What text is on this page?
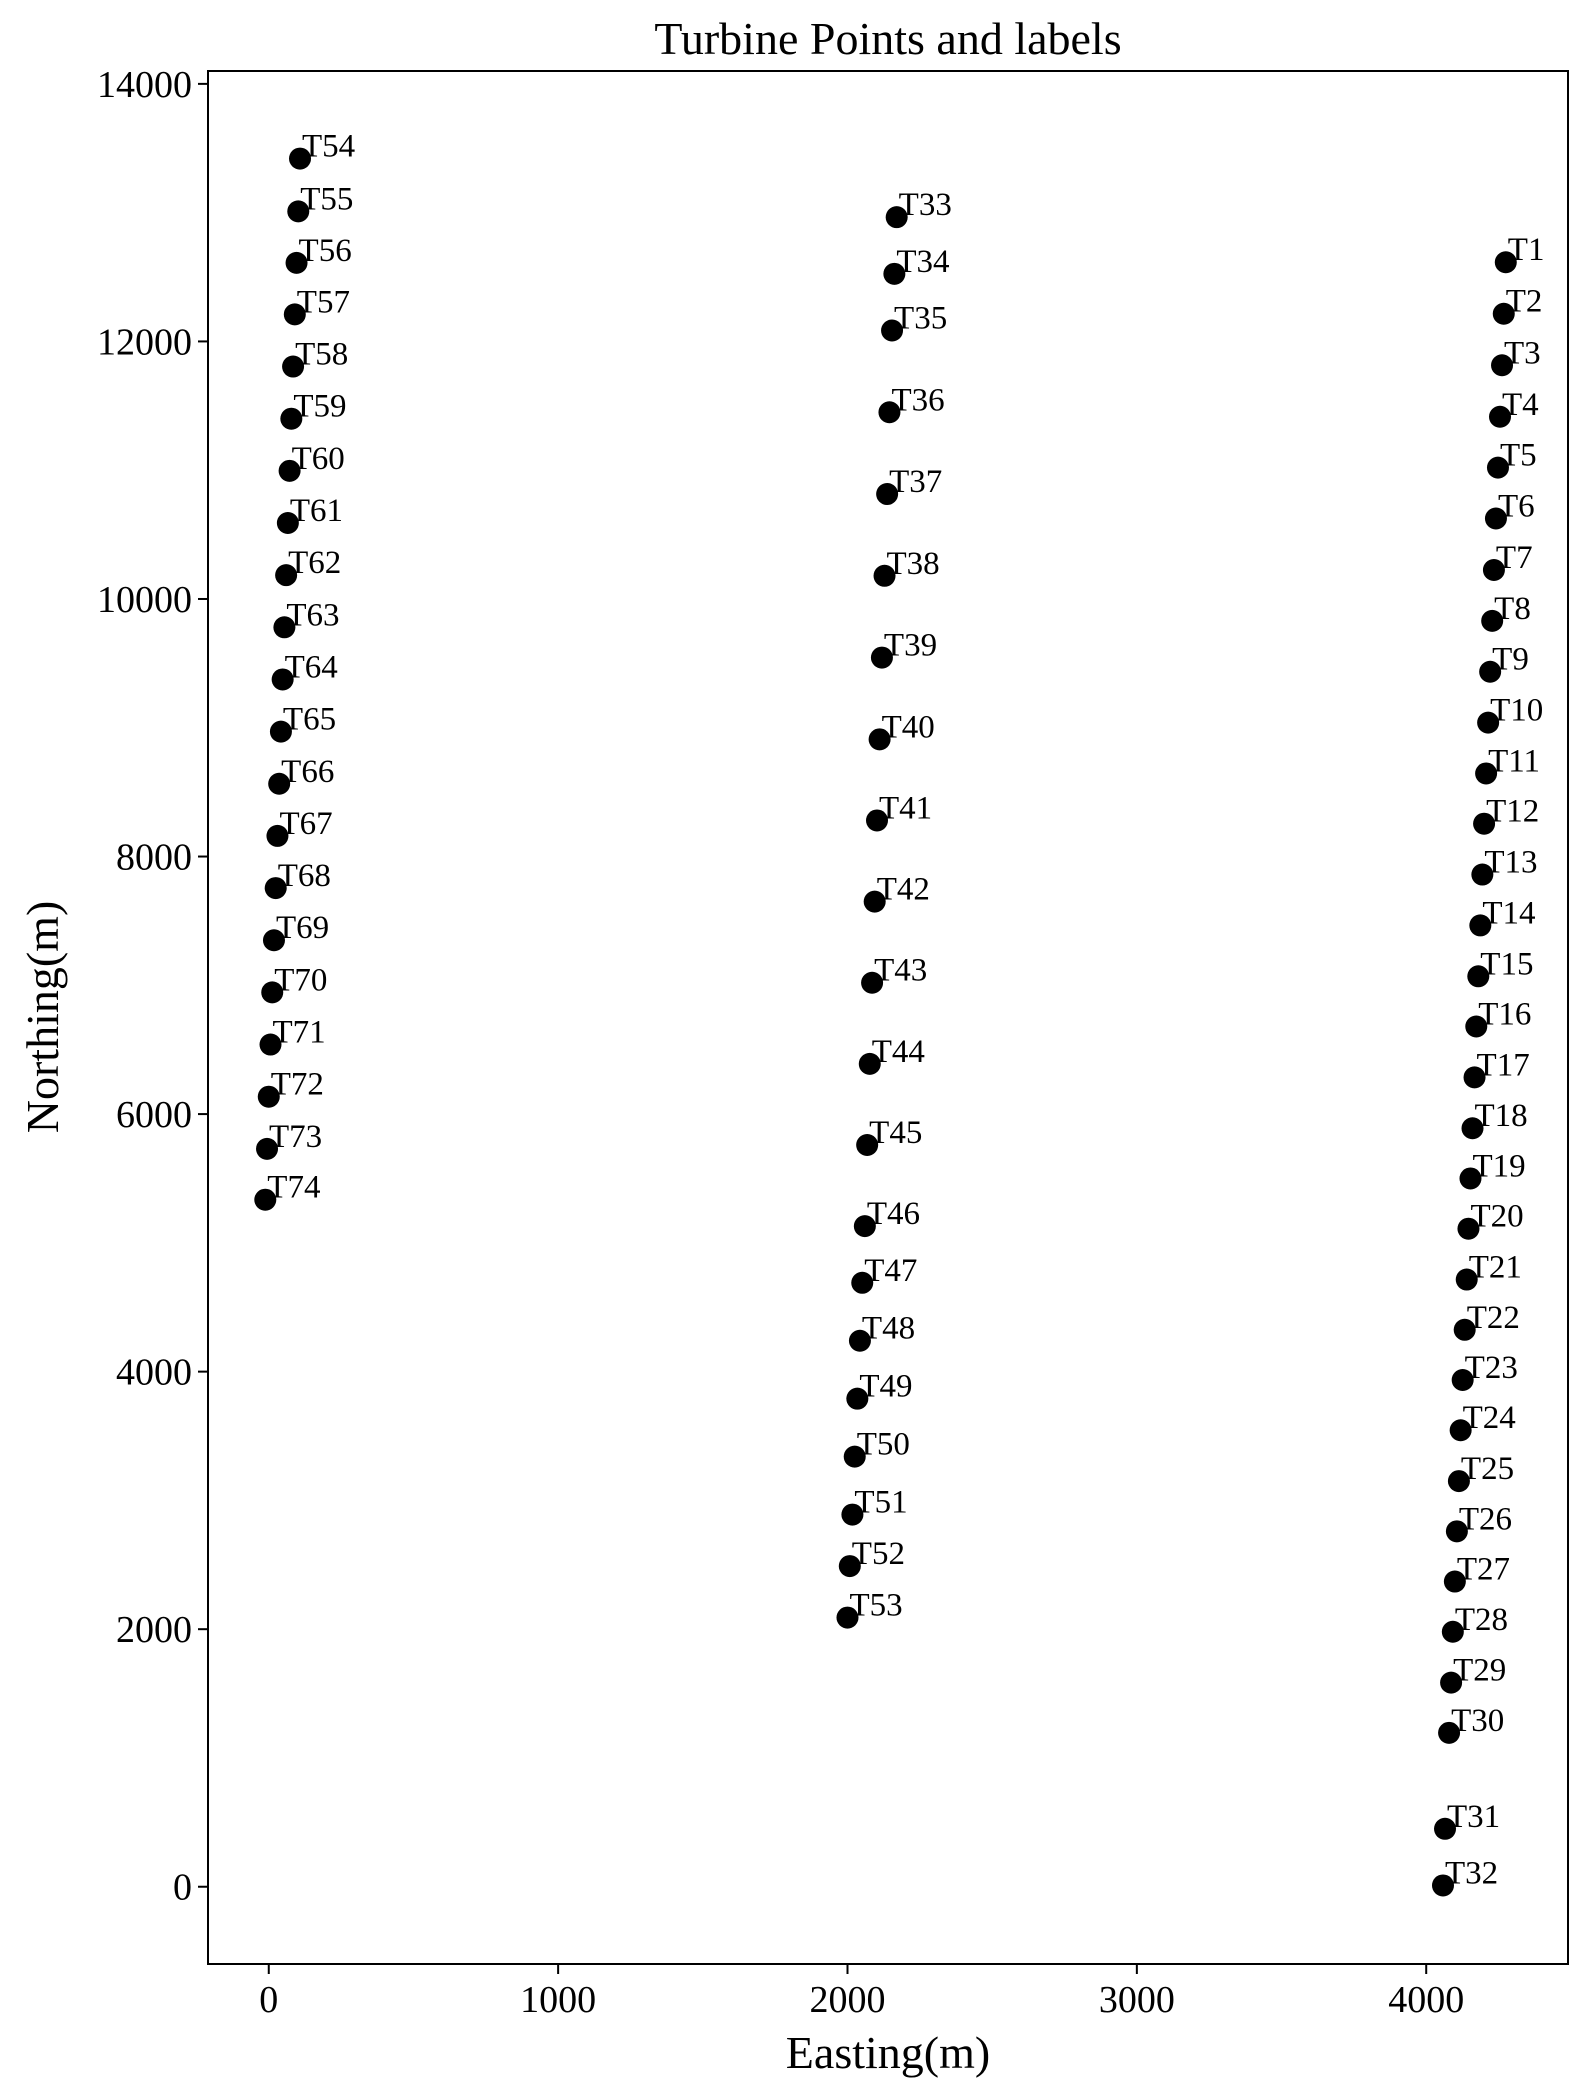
Turbine Points and labels
0	1000	2000	3000	4000
0
2000
4000
6000
8000
10000
12000
14000
T1
T2
T3
T4
T5
T6
T7
T8
T9
T10
T11
T12
T13
T14
T15
T16
T17
T18
T19
T20
T21
T22
T23
T24
T25
T26
T27
T28
T29
T30
T31
T32
T33
T34
T35
T36
T37
T38
T39
T40
T41
T42
T43
T44
T45
T46
T47
T48
T49
T50
T51
T52
T53
T54
T55
T56
T57
T58
T59
T60
T61
T62
T63
T64
T65
T66
T67
T68
T69
T70
T71
T72
T73
T74
Easting(m)
Northing(m)
